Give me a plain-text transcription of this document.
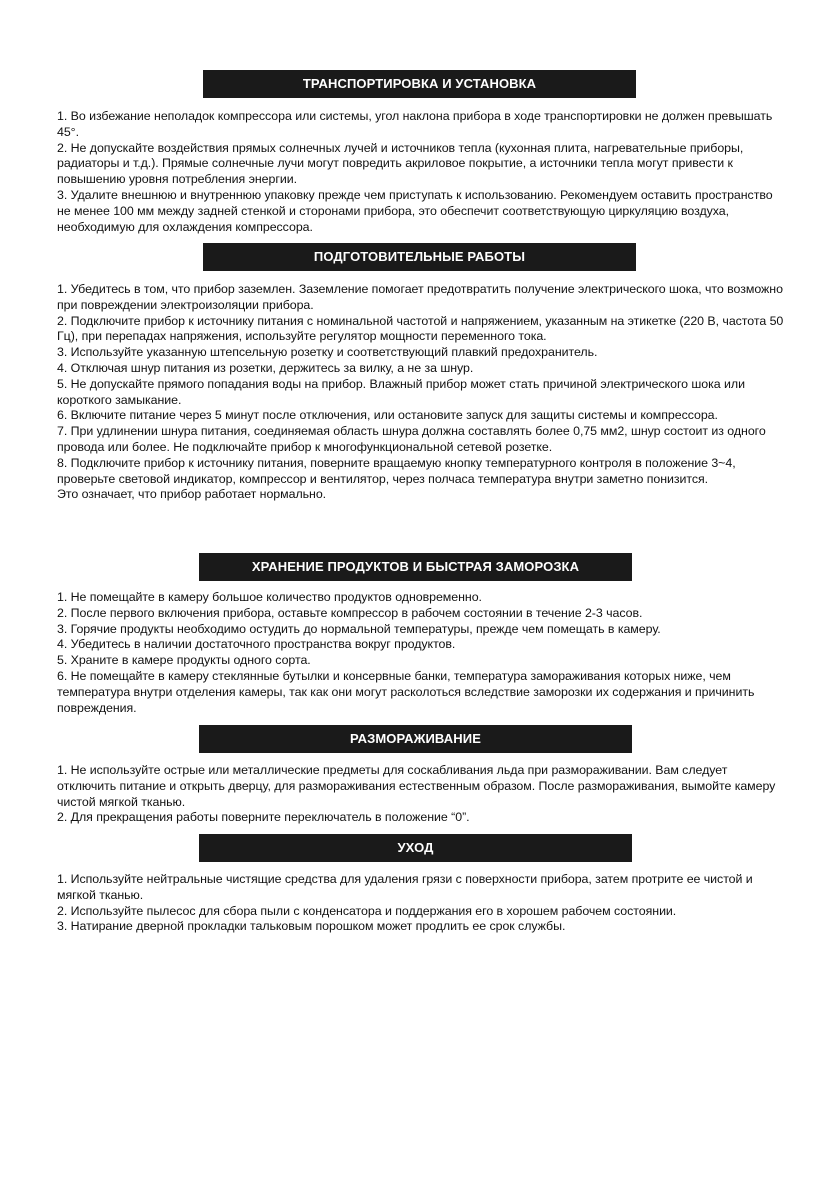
ТРАНСПОРТИРОВКА И УСТАНОВКА

1. Во избежание неполадок компрессора или системы, угол наклона прибора в ходе транспортировки не должен превышать 45°.

2. Не допускайте воздействия прямых солнечных лучей и источников тепла (кухонная плита, нагревательные приборы, радиаторы и т.д.). Прямые солнечные лучи могут повредить акриловое покрытие, а источники тепла могут привести к повышению уровня потребления энергии.

3. Удалите внешнюю и внутреннюю упаковку прежде чем приступать к использованию. Рекомендуем оставить пространство не менее 100 мм между задней стенкой и сторонами прибора, это обеспечит соответствующую циркуляцию воздуха, необходимую для охлаждения компрессора.

ПОДГОТОВИТЕЛЬНЫЕ РАБОТЫ

1. Убедитесь в том, что прибор заземлен. Заземление помогает предотвратить получение электрического шока, что возможно при повреждении электроизоляции прибора.

2. Подключите прибор к источнику питания с номинальной частотой и напряжением, указанным на этикетке (220 В, частота 50 Гц), при перепадах напряжения, используйте регулятор мощности переменного тока.

3. Используйте указанную штепсельную розетку и соответствующий плавкий предохранитель.

4. Отключая шнур питания из розетки, держитесь за вилку, а не за шнур.

5. Не допускайте прямого попадания воды на прибор. Влажный прибор может стать причиной электрического шока или короткого замыкание.

6. Включите питание через 5 минут после отключения, или остановите запуск для защиты системы и компрессора.

7. При удлинении шнура питания, соединяемая область шнура должна составлять более 0,75 мм2, шнур состоит из одного провода или более. Не подключайте прибор к многофункциональной сетевой розетке.

8. Подключите прибор к источнику питания, поверните вращаемую кнопку температурного контроля в положение 3~4, проверьте световой индикатор, компрессор и вентилятор, через полчаса температура внутри заметно понизится.

Это означает, что прибор работает нормально.

ХРАНЕНИЕ ПРОДУКТОВ И БЫСТРАЯ ЗАМОРОЗКА

1. Не помещайте в камеру большое количество продуктов одновременно.

2. После первого включения прибора, оставьте компрессор в рабочем состоянии в течение 2-3 часов.

3. Горячие продукты необходимо остудить до нормальной температуры, прежде чем помещать в камеру.

4. Убедитесь в наличии достаточного пространства вокруг продуктов.

5. Храните в камере продукты одного сорта.

6. Не помещайте в камеру стеклянные бутылки и консервные банки, температура замораживания которых ниже, чем температура внутри отделения камеры, так как они могут расколоться вследствие заморозки их содержания и причинить повреждения.

РАЗМОРАЖИВАНИЕ

1. Не используйте острые или металлические предметы для соскабливания льда при размораживании. Вам следует отключить питание и открыть дверцу, для размораживания естественным образом. После размораживания, вымойте камеру чистой мягкой тканью.

2. Для прекращения работы поверните переключатель в положение “0”.

УХОД

1. Используйте нейтральные чистящие средства для удаления грязи с поверхности прибора, затем протрите ее чистой и мягкой тканью.

2. Используйте пылесос для сбора пыли с конденсатора и поддержания его в хорошем рабочем состоянии.

3. Натирание дверной прокладки тальковым порошком может продлить ее срок службы.
